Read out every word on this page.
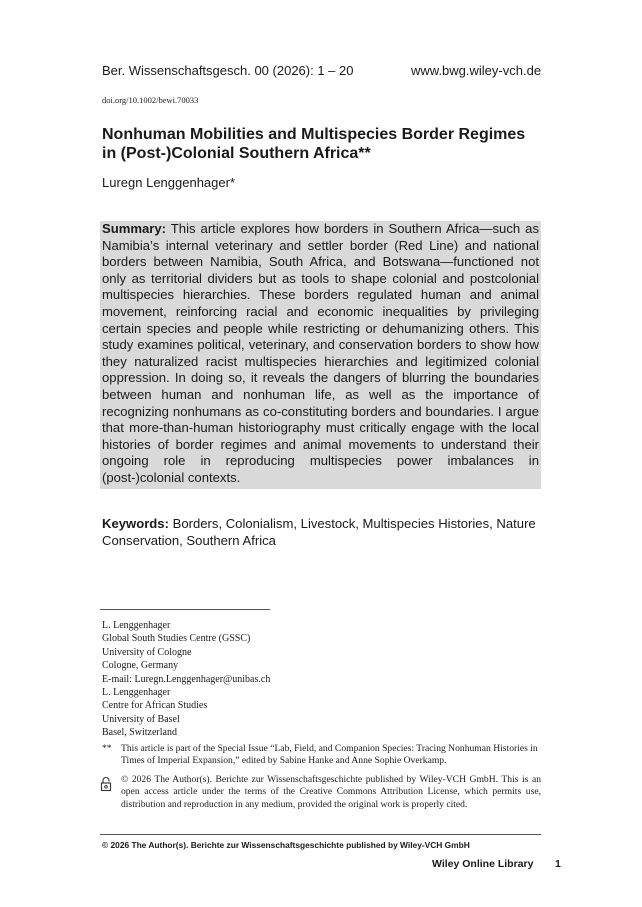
Ber. Wissenschaftsgesch. 00 (2026): 1 – 20	www.bwg.wiley-vch.de
doi.org/10.1002/bewi.70033
Nonhuman Mobilities and Multispecies Border Regimes in (Post-)Colonial Southern Africa**
Luregn Lenggenhager*
Summary: This article explores how borders in Southern Africa—such as Namibia’s internal veterinary and settler border (Red Line) and national borders between Namibia, South Africa, and Botswana—functioned not only as territorial dividers but as tools to shape colonial and postcolonial multispecies hierarchies. These borders regulated human and animal movement, reinforcing racial and economic inequalities by privileging certain species and people while restricting or dehumanizing others. This study examines political, veterinary, and conservation borders to show how they naturalized racist multispecies hierarchies and legitimized colonial oppression. In doing so, it reveals the dangers of blurring the boundaries between human and nonhuman life, as well as the importance of recognizing nonhumans as co-constituting borders and boundaries. I argue that more-than-human historiography must critically engage with the local histories of border regimes and animal movements to understand their ongoing role in reproducing multispecies power imbalances in (post-)colonial contexts.
Keywords: Borders, Colonialism, Livestock, Multispecies Histories, Nature Conservation, Southern Africa
L. Lenggenhager
Global South Studies Centre (GSSC)
University of Cologne
Cologne, Germany
E-mail: Luregn.Lenggenhager@unibas.ch
L. Lenggenhager
Centre for African Studies
University of Basel
Basel, Switzerland
** This article is part of the Special Issue “Lab, Field, and Companion Species: Tracing Nonhuman Histories in Times of Imperial Expansion,” edited by Sabine Hanke and Anne Sophie Overkamp.
© 2026 The Author(s). Berichte zur Wissenschaftsgeschichte published by Wiley-VCH GmbH. This is an open access article under the terms of the Creative Commons Attribution License, which permits use, distribution and reproduction in any medium, provided the original work is properly cited.
© 2026 The Author(s). Berichte zur Wissenschaftsgeschichte published by Wiley-VCH GmbH
Wiley Online Library 1
